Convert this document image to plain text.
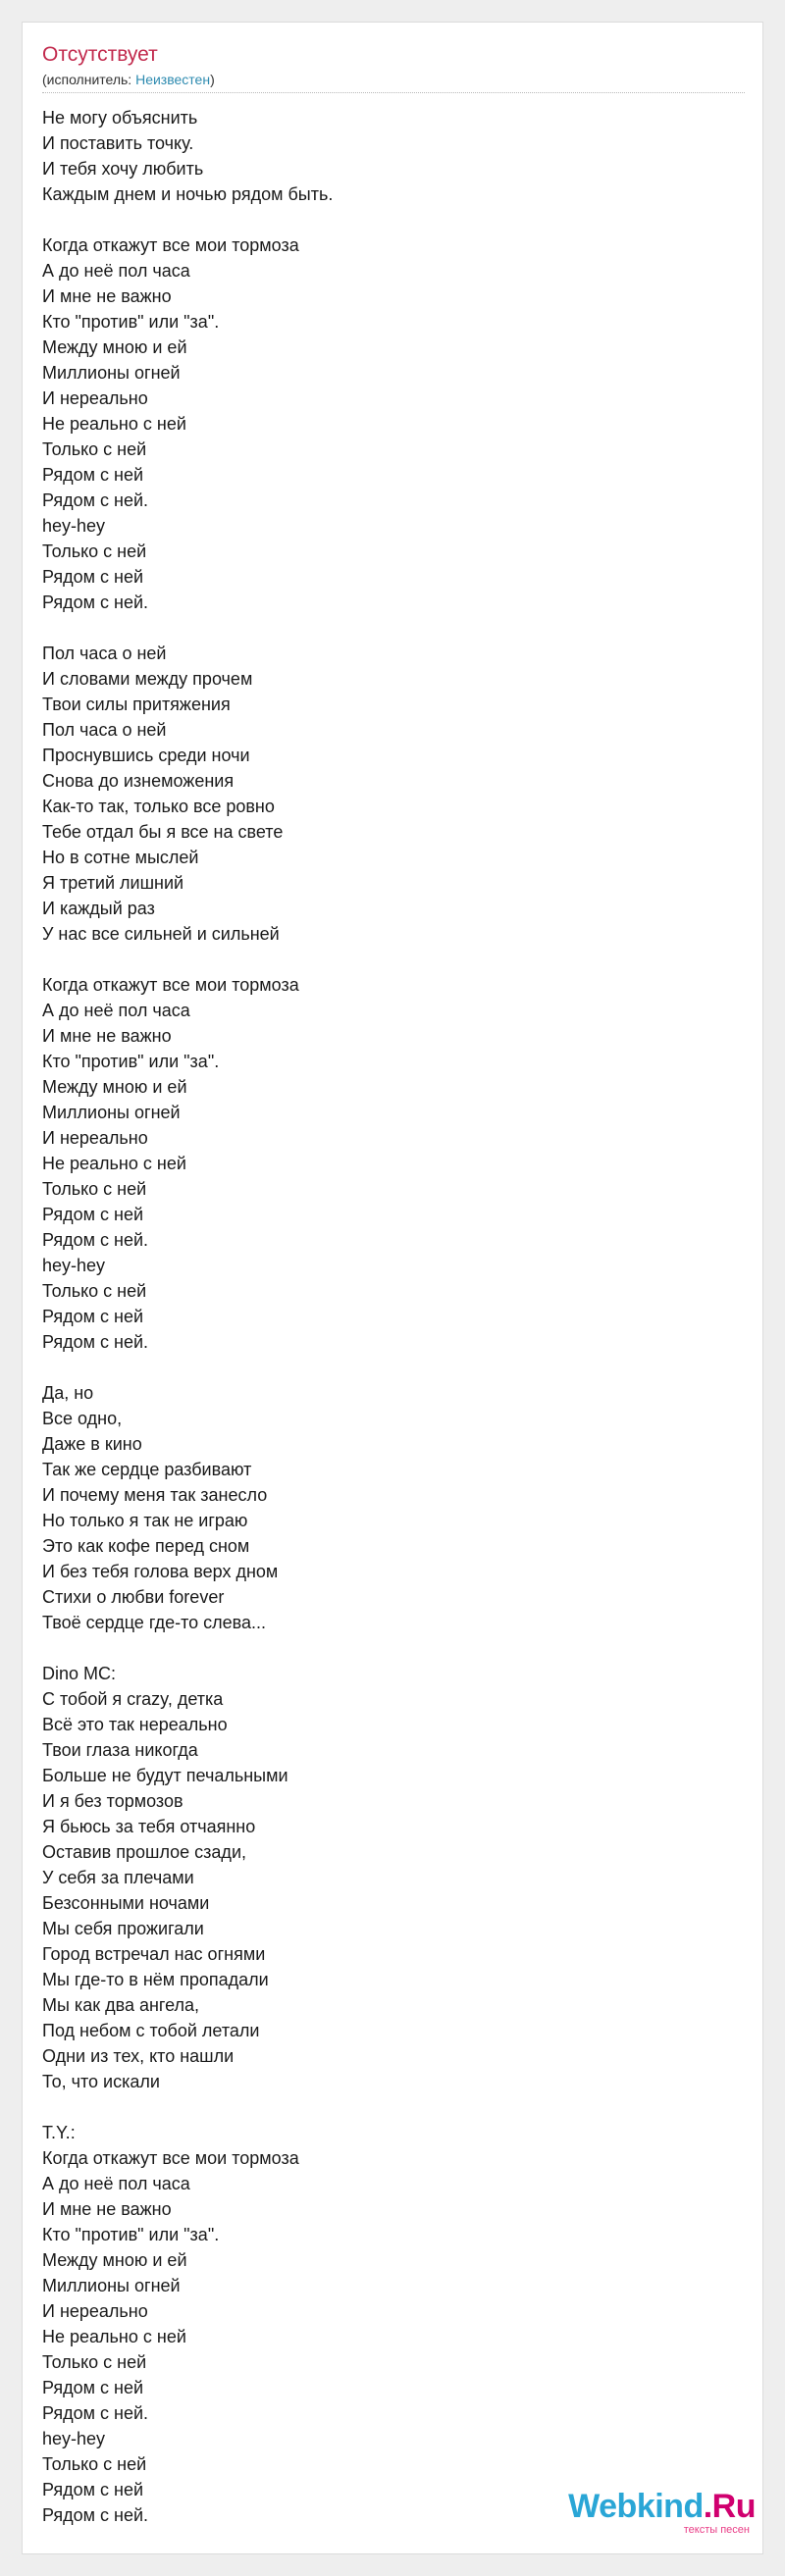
Отсутствует
(исполнитель: Неизвестен)
Не могу объяснить
И поставить точку.
И тебя хочу любить
Каждым днем и ночью рядом быть.
Когда откажут все мои тормоза
А до неё пол часа
И мне не важно
Кто "против" или "за".
Между мною и ей
Миллионы огней
И нереально
Не реально с ней
Только с ней
Рядом с ней
Рядом с ней.
hey-hey
Только с ней
Рядом с ней
Рядом с ней.
Пол часа о ней
И словами между прочем
Твои силы притяжения
Пол часа о ней
Проснувшись среди ночи
Снова до изнеможения
Как-то так, только все ровно
Тебе отдал бы я все на свете
Но в сотне мыслей
Я третий лишний
И каждый раз
У нас все сильней и сильней
Когда откажут все мои тормоза
А до неё пол часа
И мне не важно
Кто "против" или "за".
Между мною и ей
Миллионы огней
И нереально
Не реально с ней
Только с ней
Рядом с ней
Рядом с ней.
hey-hey
Только с ней
Рядом с ней
Рядом с ней.
Да, но
Все одно,
Даже в кино
Так же сердце разбивают
И почему меня так занесло
Но только я так не играю
Это как кофе перед сном
И без тебя голова верх дном
Стихи о любви forever
Твоё сердце где-то слева...
Dino MC:
С тобой я crazy, детка
Всё это так нереально
Твои глаза никогда
Больше не будут печальными
И я без тормозов
Я бьюсь за тебя отчаянно
Оставив прошлое сзади,
У себя за плечами
Безсонными ночами
Мы себя прожигали
Город встречал нас огнями
Мы где-то в нём пропадали
Мы как два ангела,
Под небом с тобой летали
Одни из тех, кто нашли
То, что искали
T.Y.:
Когда откажут все мои тормоза
А до неё пол часа
И мне не важно
Кто "против" или "за".
Между мною и ей
Миллионы огней
И нереально
Не реально с ней
Только с ней
Рядом с ней
Рядом с ней.
hey-hey
Только с ней
Рядом с ней
Рядом с ней.	Webkind.Ru
тексты песен
